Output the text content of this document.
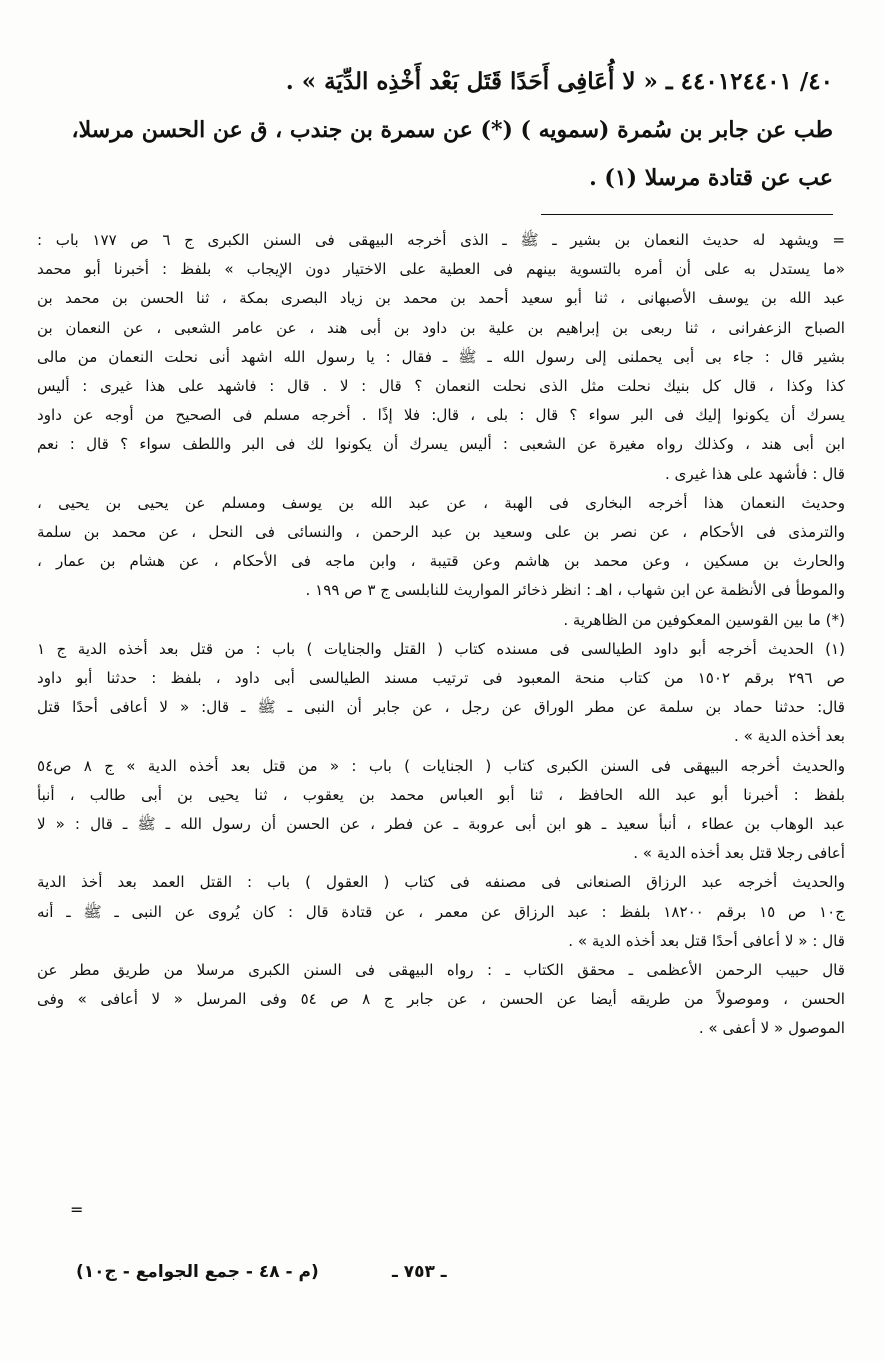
٤٠/ ٤٤٠١٢٤٤٠١ ـ « لا أُعَافِى أَحَدًا قَتَل بَعْد أَخْذِه الدِّيَة » .

طب عن جابر بن سُمرة (سمويه ) (*) عن سمرة بن جندب ، ق عن الحسن مرسلا،

عب عن قتادة مرسلا (١) .

= ويشهد له حديث النعمان بن بشير ـ ﷺ ـ الذى أخرجه البيهقى فى السنن الكبرى ج ٦ ص ١٧٧ باب :
«ما يستدل به على أن أمره بالتسوية بينهم فى العطية على الاختيار دون الإيجاب » بلفظ : أخبرنا أبو محمد
عبد الله بن يوسف الأصبهانى ، ثنا أبو سعيد أحمد بن محمد بن زياد البصرى بمكة ، ثنا الحسن بن محمد بن
الصباح الزعفرانى ، ثنا ربعى بن إبراهيم بن علية بن داود بن أبى هند ، عن عامر الشعبى ، عن النعمان بن
بشير قال : جاء بى أبى يحملنى إلى رسول الله ـ ﷺ ـ فقال : يا رسول الله اشهد أنى نحلت النعمان من مالى
كذا وكذا ، قال كل بنيك نحلت مثل الذى نحلت النعمان ؟ قال : لا . قال : فاشهد على هذا غيرى : أليس
يسرك أن يكونوا إليك فى البر سواء ؟ قال : بلى ، قال: فلا إذًا . أخرجه مسلم فى الصحيح من أوجه عن داود
ابن أبى هند ، وكذلك رواه مغيرة عن الشعبى : أليس يسرك أن يكونوا لك فى البر واللطف سواء ؟ قال : نعم
قال : فأشهد على هذا غيرى .

وحديث النعمان هذا أخرجه البخارى فى الهبة ، عن عبد الله بن يوسف ومسلم عن يحيى بن يحيى ،
والترمذى فى الأحكام ، عن نصر بن على وسعيد بن عبد الرحمن ، والنسائى فى النحل ، عن محمد بن سلمة
والحارث بن مسكين ، وعن محمد بن هاشم وعن قتيبة ، وابن ماجه فى الأحكام ، عن هشام بن عمار ،
والموطأ فى الأنظمة عن ابن شهاب ، اهـ : انظر ذخائر المواريث للنابلسى ج ٣ ص ١٩٩ .

(*) ما بين القوسين المعكوفين من الظاهرية .

(١) الحديث أخرجه أبو داود الطيالسى فى مسنده كتاب ( القتل والجنايات ) باب : من قتل بعد أخذه الدية ج ١
ص ٢٩٦ برقم ١٥٠٢ من كتاب منحة المعبود فى ترتيب مسند الطيالسى أبى داود ، بلفظ : حدثنا أبو داود
قال: حدثنا حماد بن سلمة عن مطر الوراق عن رجل ، عن جابر أن النبى ـ ﷺ ـ قال: « لا أعافى أحدًا قتل
بعد أخذه الدية » .

والحديث أخرجه البيهقى فى السنن الكبرى كتاب ( الجنايات ) باب : « من قتل بعد أخذه الدية » ج ٨ ص٥٤
بلفظ : أخبرنا أبو عبد الله الحافظ ، ثنا أبو العباس محمد بن يعقوب ، ثنا يحيى بن أبى طالب ، أنبأ
عبد الوهاب بن عطاء ، أنبأ سعيد ـ هو ابن أبى عروبة ـ عن فطر ، عن الحسن أن رسول الله ـ ﷺ ـ قال : « لا
أعافى رجلا قتل بعد أخذه الدية » .

والحديث أخرجه عبد الرزاق الصنعانى فى مصنفه فى كتاب ( العقول ) باب : القتل العمد بعد أخذ الدية
ج١٠ ص ١٥ برقم ١٨٢٠٠ بلفظ : عبد الرزاق عن معمر ، عن قتادة قال : كان يُروى عن النبى ـ ﷺ ـ أنه
قال : « لا أعافى أحدًا قتل بعد أخذه الدية » .

قال حبيب الرحمن الأعظمى ـ محقق الكتاب ـ : رواه البيهقى فى السنن الكبرى مرسلا من طريق مطر عن
الحسن ، وموصولاً من طريقه أيضا عن الحسن ، عن جابر ج ٨ ص ٥٤ وفى المرسل « لا أعافى » وفى
الموصول « لا أعفى » .

=
ـ ٧٥٣ ـ
(م - ٤٨ - جمع الجوامع - ج١٠)
